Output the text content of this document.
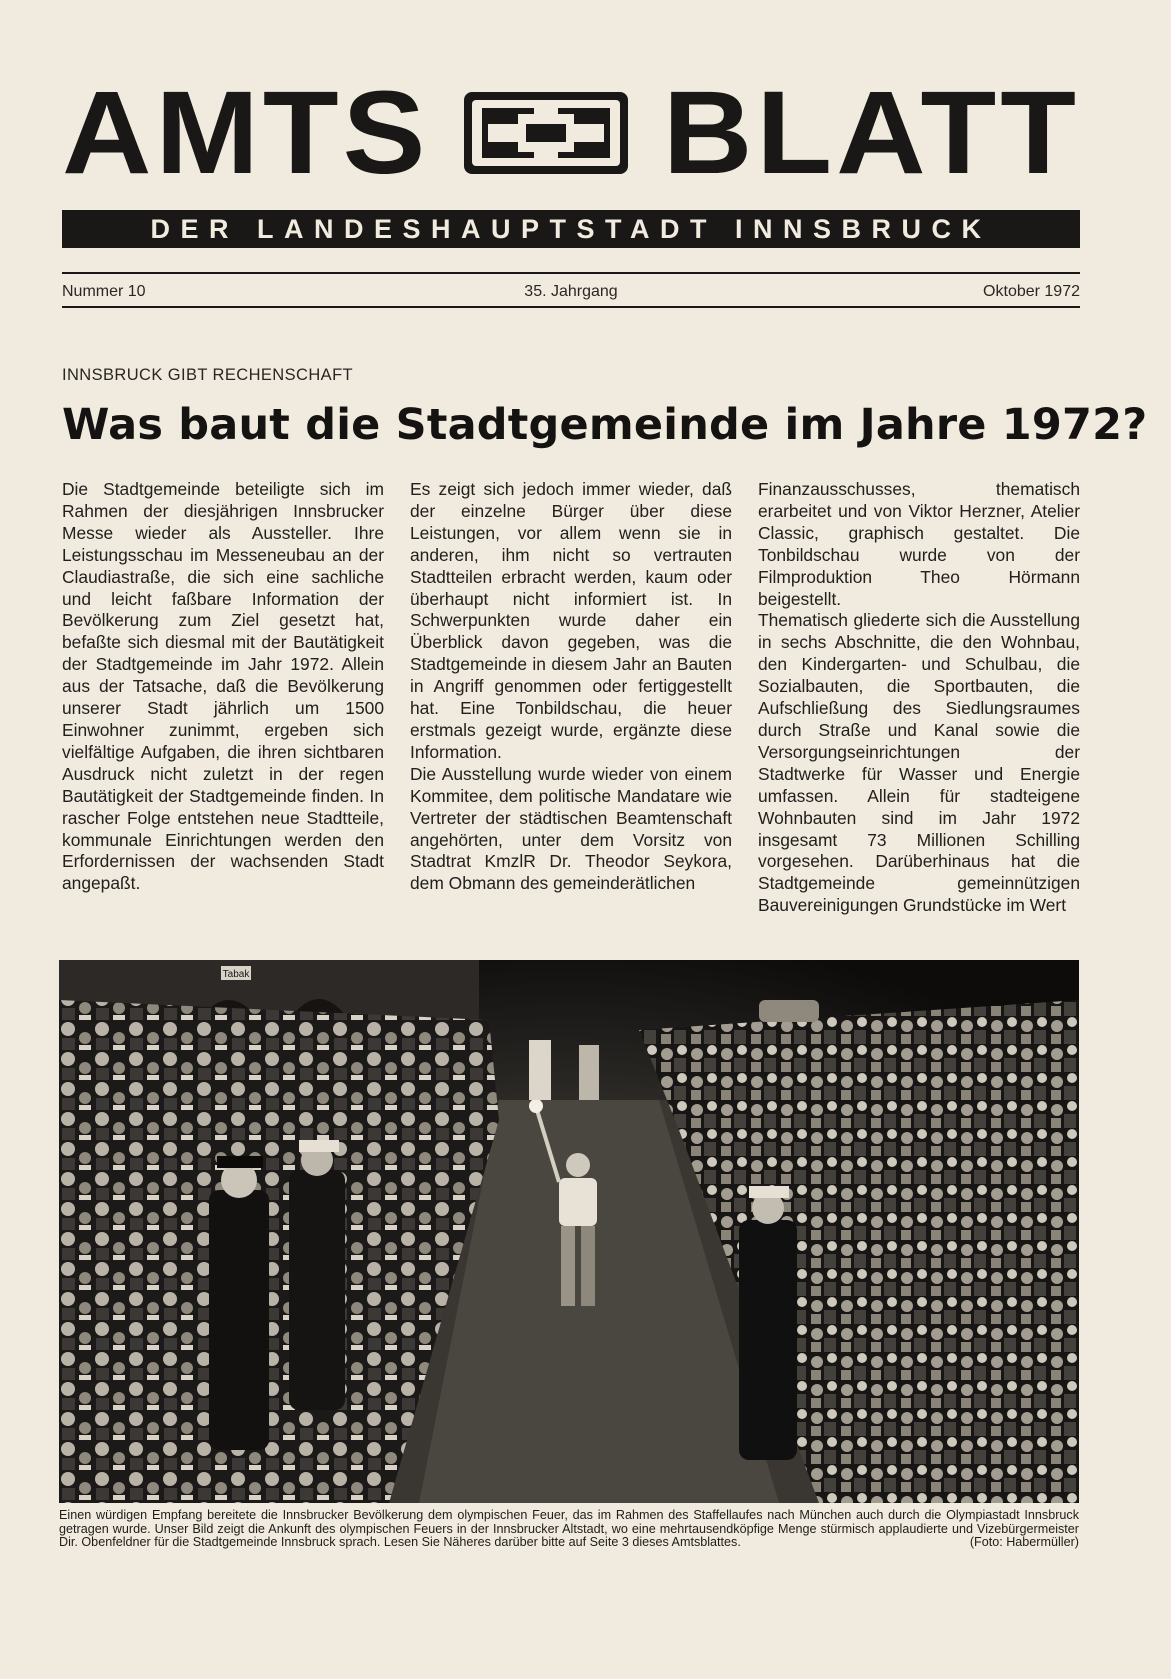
AMTS BLATT
DER LANDESHAUPTSTADT INNSBRUCK
Nummer 10	35. Jahrgang	Oktober 1972
INNSBRUCK GIBT RECHENSCHAFT
Was baut die Stadtgemeinde im Jahre 1972?

Die Stadtgemeinde beteiligte sich im Rahmen der diesjährigen Innsbrucker Messe wieder als Aussteller. Ihre Leistungsschau im Messeneubau an der Claudiastraße, die sich eine sachliche und leicht faßbare Information der Bevölkerung zum Ziel gesetzt hat, befaßte sich diesmal mit der Bautätigkeit der Stadtgemeinde im Jahr 1972. Allein aus der Tatsache, daß die Bevölkerung unserer Stadt jährlich um 1500 Einwohner zunimmt, ergeben sich vielfältige Aufgaben, die ihren sichtbaren Ausdruck nicht zuletzt in der regen Bautätigkeit der Stadtgemeinde finden. In rascher Folge entstehen neue Stadtteile, kommunale Einrichtungen werden den Erfordernissen der wachsenden Stadt angepaßt.

Es zeigt sich jedoch immer wieder, daß der einzelne Bürger über diese Leistungen, vor allem wenn sie in anderen, ihm nicht so vertrauten Stadtteilen erbracht werden, kaum oder überhaupt nicht informiert ist. In Schwerpunkten wurde daher ein Überblick davon gegeben, was die Stadtgemeinde in diesem Jahr an Bauten in Angriff genommen oder fertiggestellt hat. Eine Tonbildschau, die heuer erstmals gezeigt wurde, ergänzte diese Information.

Die Ausstellung wurde wieder von einem Kommitee, dem politische Mandatare wie Vertreter der städtischen Beamtenschaft angehörten, unter dem Vorsitz von Stadtrat KmzlR Dr. Theodor Seykora, dem Obmann des gemeinderätlichen

Finanzausschusses, thematisch erarbeitet und von Viktor Herzner, Atelier Classic, graphisch gestaltet. Die Tonbildschau wurde von der Filmproduktion Theo Hörmann beigestellt.

Thematisch gliederte sich die Ausstellung in sechs Abschnitte, die den Wohnbau, den Kindergarten- und Schulbau, die Sozialbauten, die Sportbauten, die Aufschließung des Siedlungsraumes durch Straße und Kanal sowie die Versorgungseinrichtungen der Stadtwerke für Wasser und Energie umfassen. Allein für stadteigene Wohnbauten sind im Jahr 1972 insgesamt 73 Millionen Schilling vorgesehen. Darüberhinaus hat die Stadtgemeinde gemeinnützigen Bauvereinigungen Grundstücke im Wert

Tabak
Einen würdigen Empfang bereitete die Innsbrucker Bevölkerung dem olympischen Feuer, das im Rahmen des Staffellaufes nach München auch durch die Olympiastadt Innsbruck getragen wurde. Unser Bild zeigt die Ankunft des olympischen Feuers in der Innsbrucker Altstadt, wo eine mehrtausendköpfige Menge stürmisch applaudierte und Vizebürgermeister Dir. Obenfeldner für die Stadtgemeinde Innsbruck sprach. Lesen Sie Näheres darüber bitte auf Seite 3 dieses Amtsblattes.	(Foto: Habermüller)
